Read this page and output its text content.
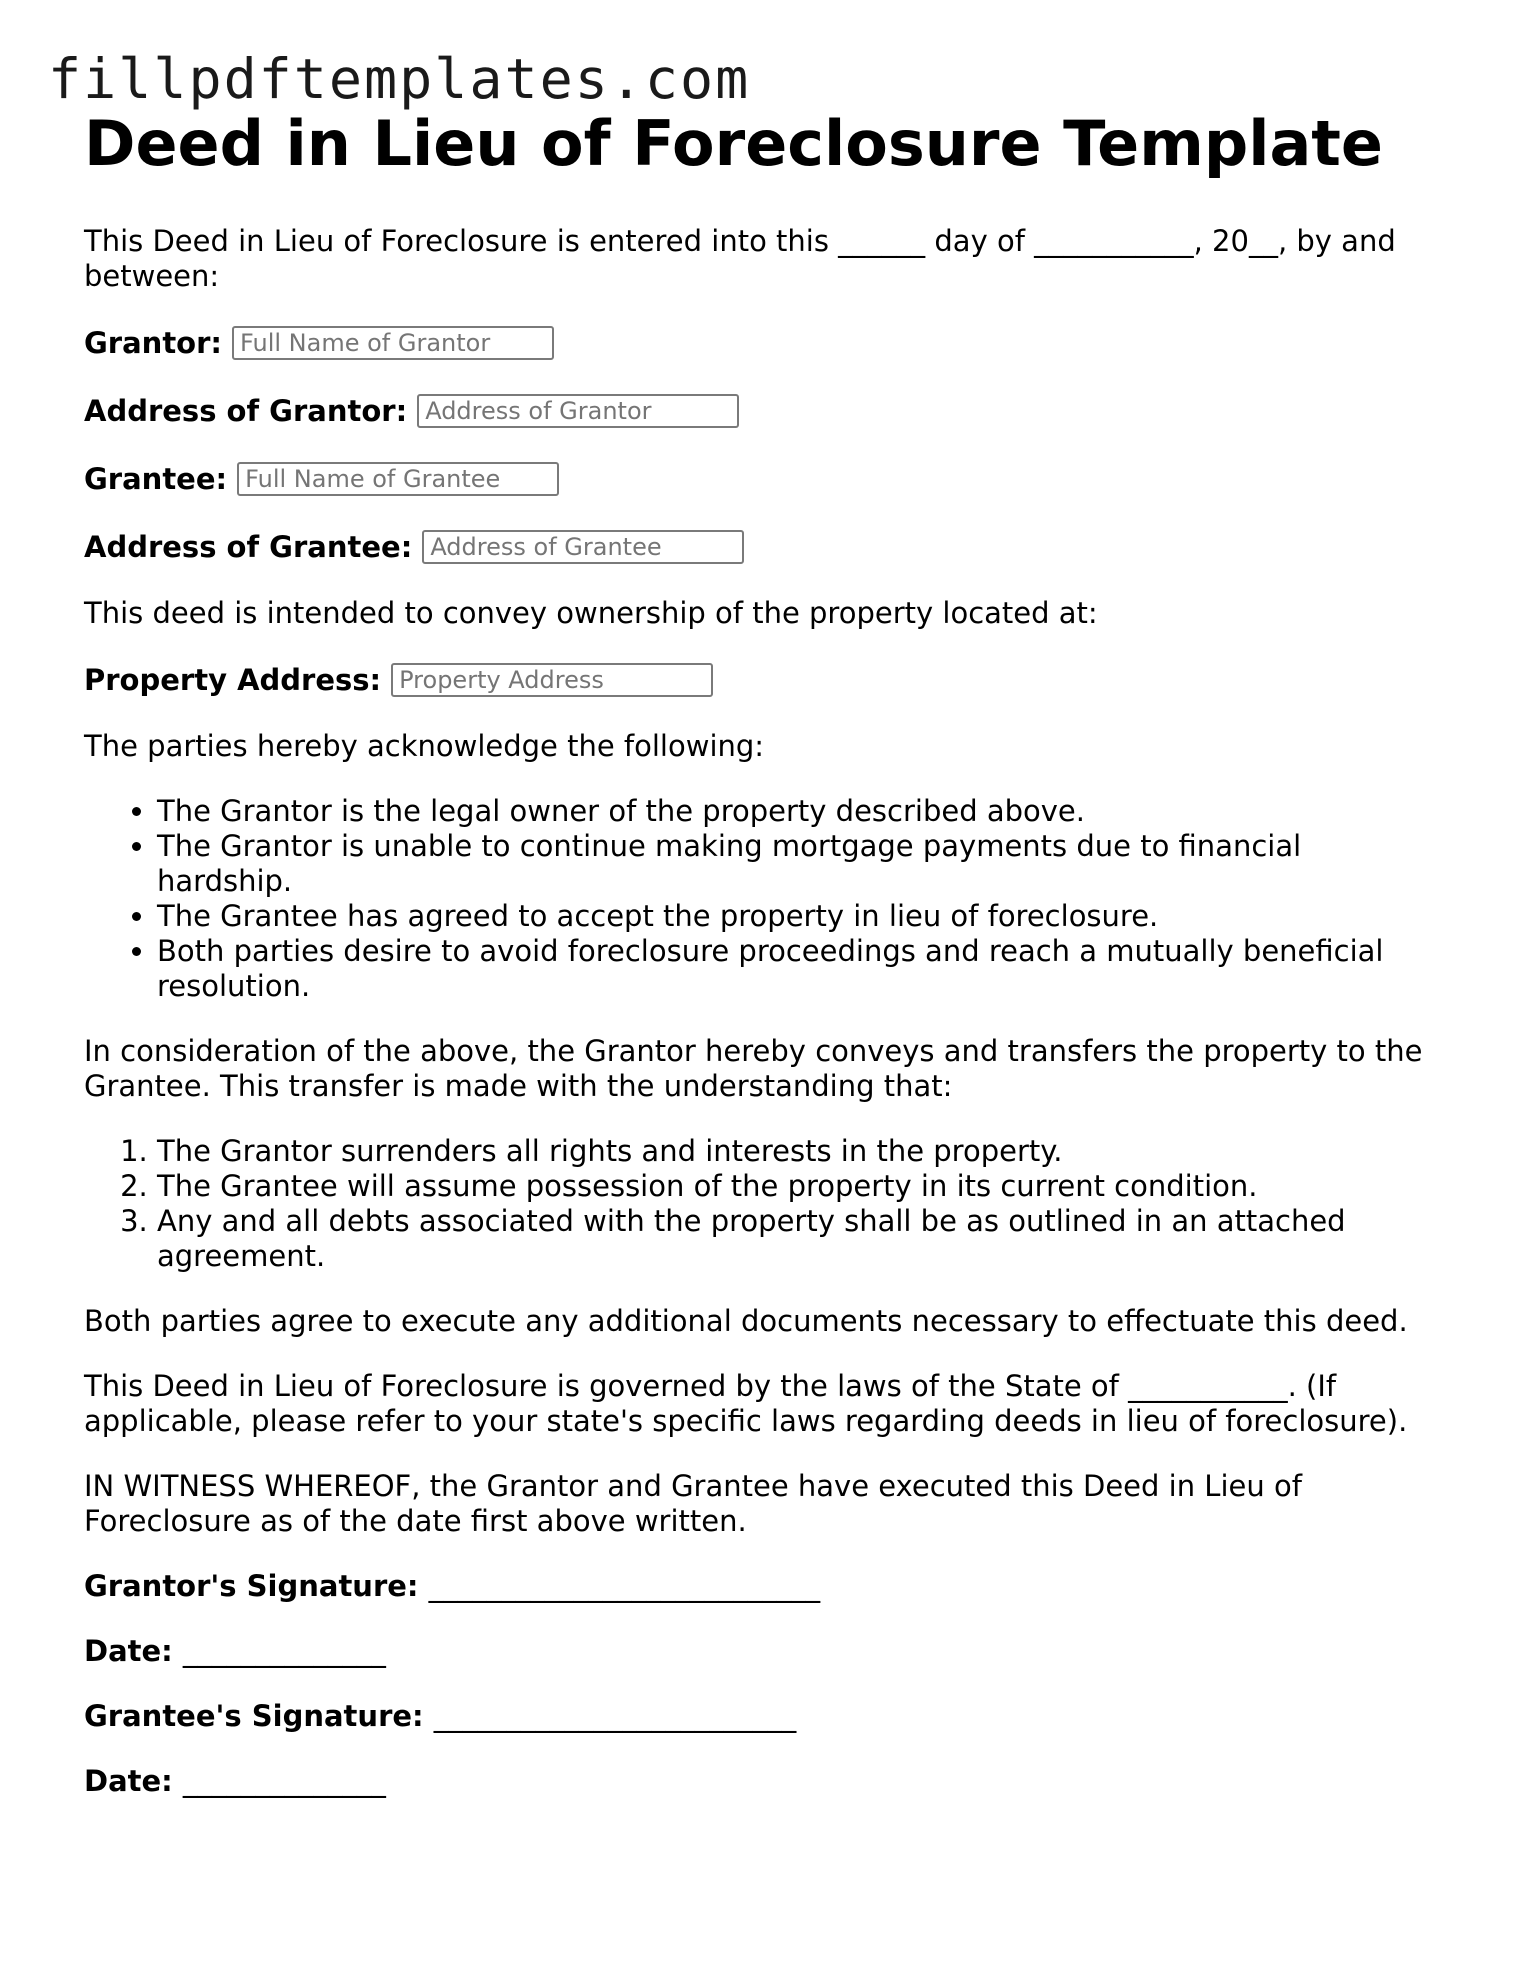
fillpdftemplates.com
Deed in Lieu of Foreclosure Template

This Deed in Lieu of Foreclosure is entered into this ______ day of ___________, 20__, by and between:

Grantor:
Full Name of Grantor
Address of Grantor:
Address of Grantor
Grantee:
Full Name of Grantee
Address of Grantee:
Address of Grantee

This deed is intended to convey ownership of the property located at:

Property Address:
Property Address

The parties hereby acknowledge the following:

• The Grantor is the legal owner of the property described above.
• The Grantor is unable to continue making mortgage payments due to financial hardship.
• The Grantee has agreed to accept the property in lieu of foreclosure.
• Both parties desire to avoid foreclosure proceedings and reach a mutually beneficial resolution.

In consideration of the above, the Grantor hereby conveys and transfers the property to the Grantee. This transfer is made with the understanding that:

1. The Grantor surrenders all rights and interests in the property.
2. The Grantee will assume possession of the property in its current condition.
3. Any and all debts associated with the property shall be as outlined in an attached agreement.

Both parties agree to execute any additional documents necessary to effectuate this deed.

This Deed in Lieu of Foreclosure is governed by the laws of the State of ___________. (If applicable, please refer to your state's specific laws regarding deeds in lieu of foreclosure).

IN WITNESS WHEREOF, the Grantor and Grantee have executed this Deed in Lieu of Foreclosure as of the date first above written.

Grantor's Signature: ___________________________
Date: ______________
Grantee's Signature: _________________________
Date: ______________
